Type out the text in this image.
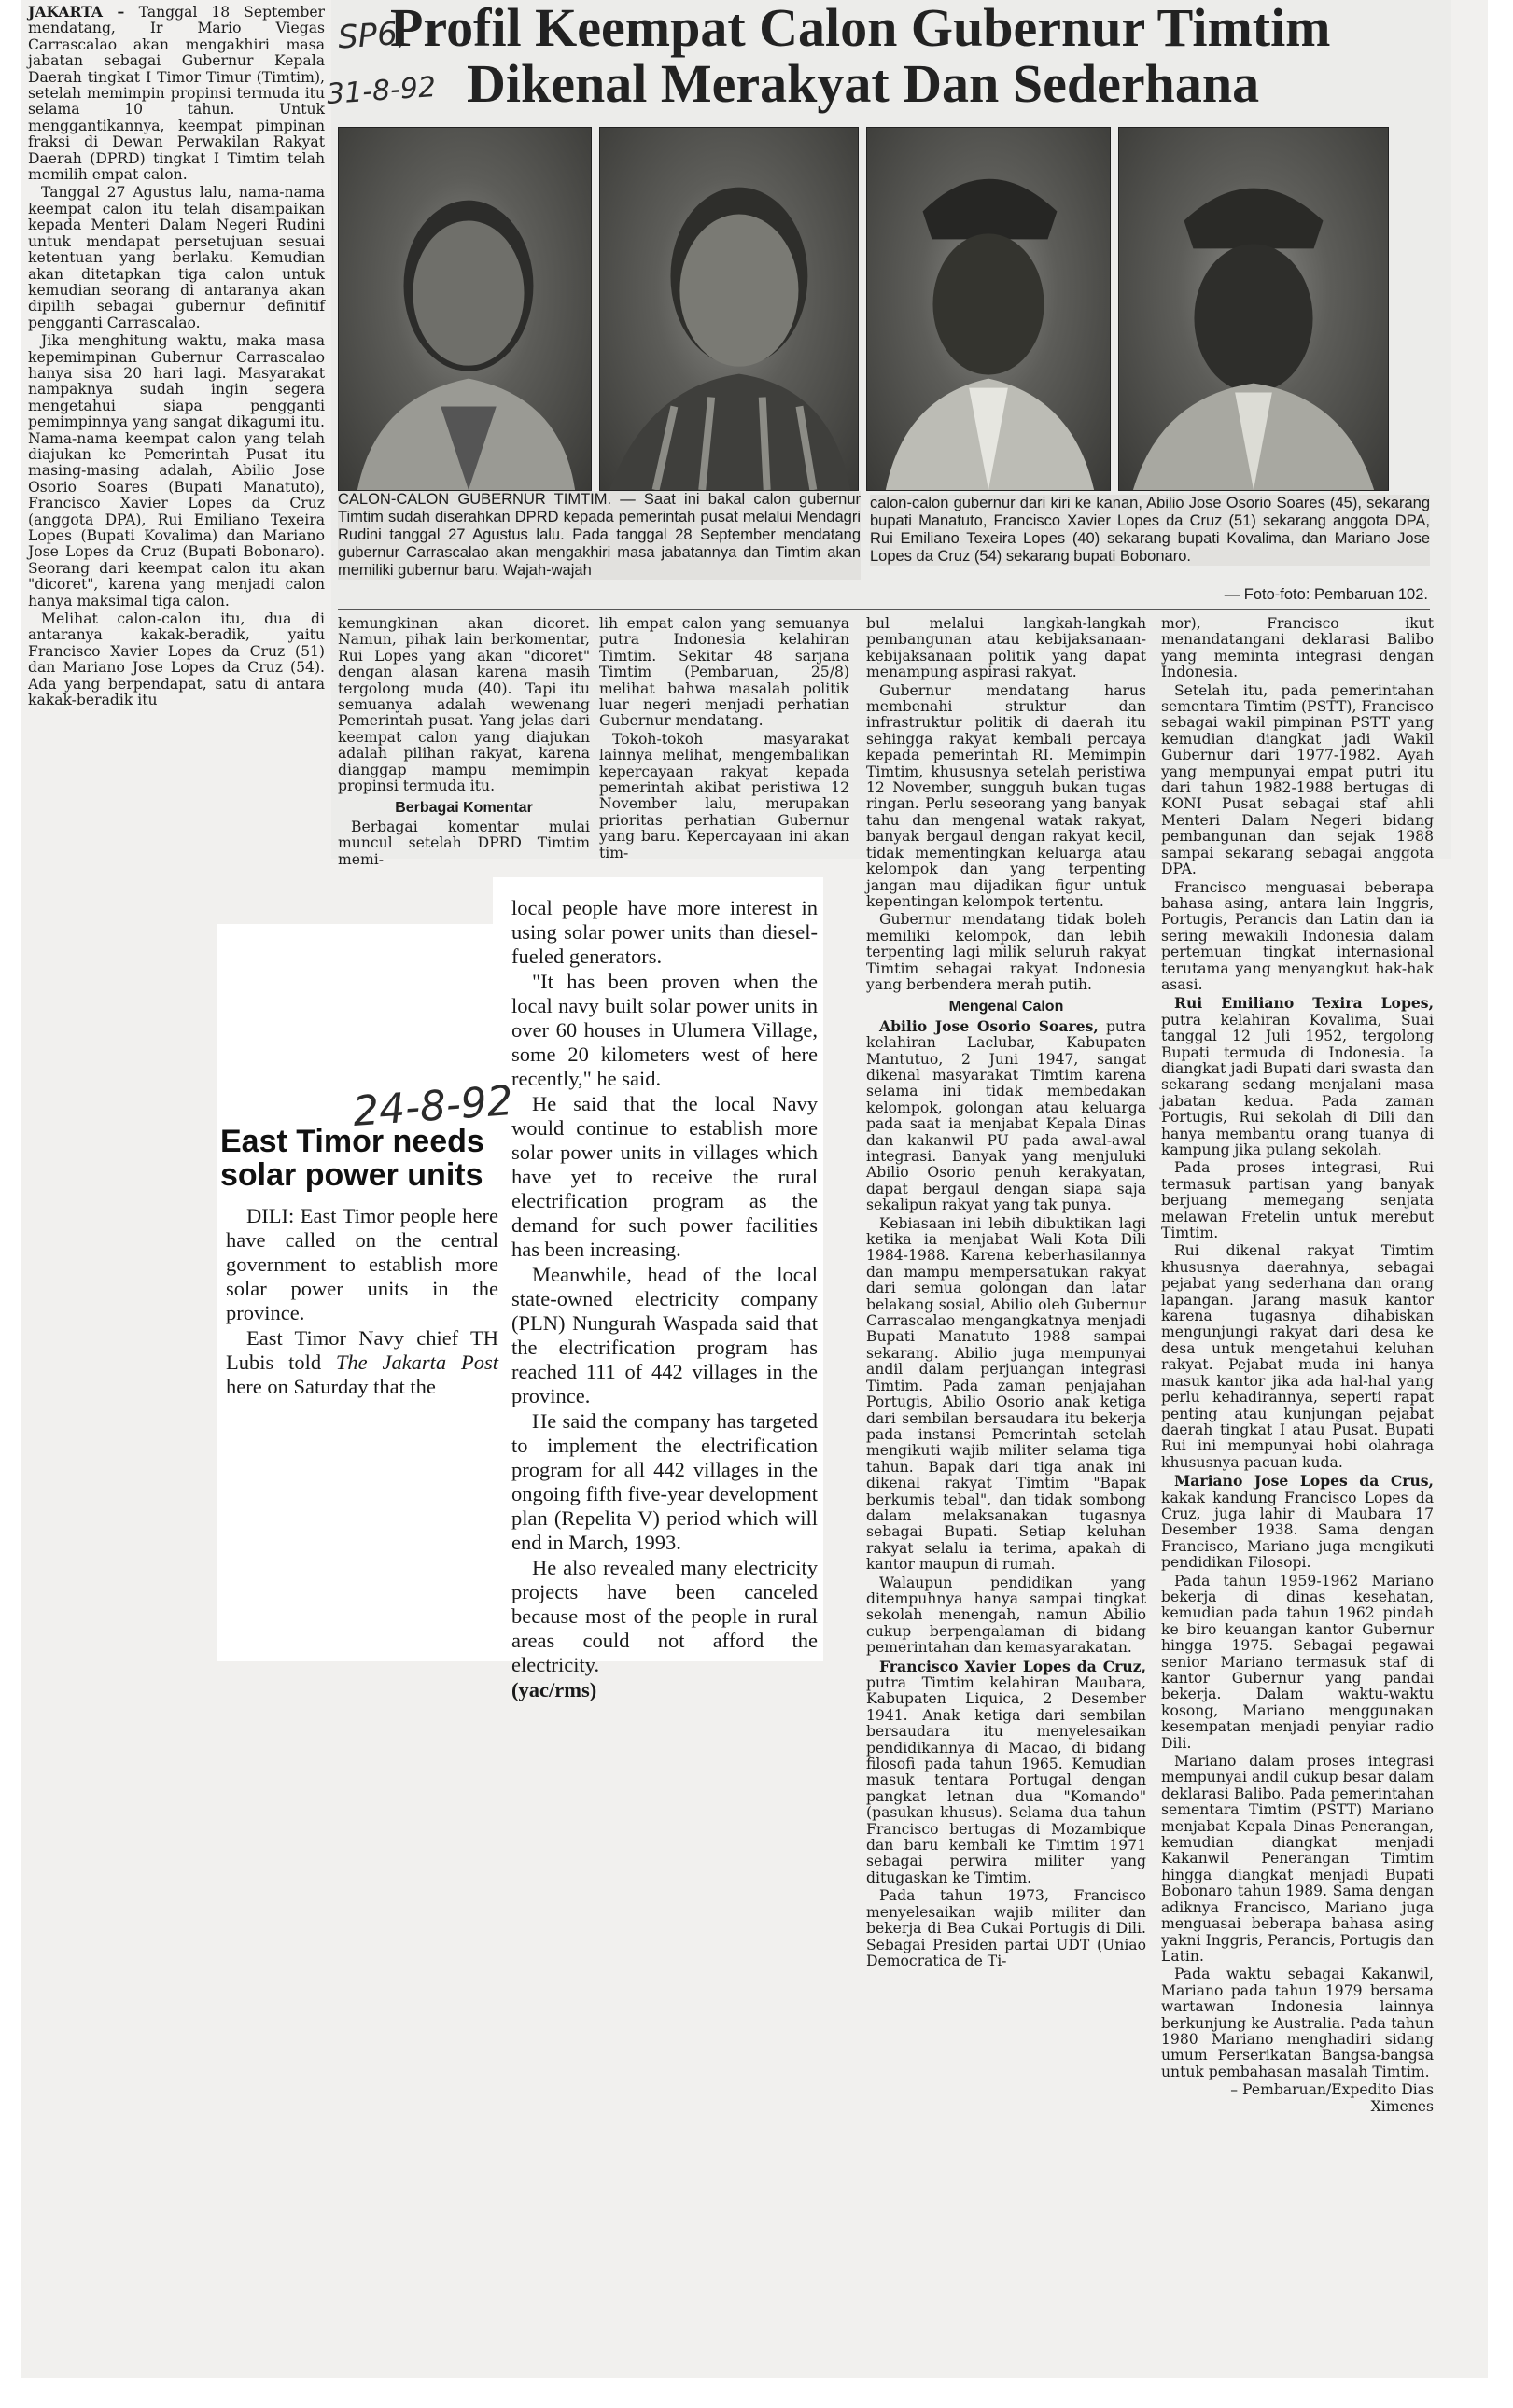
SP6,
31-8-92
Profil Keempat Calon Gubernur Timtim
Dikenal Merakyat Dan Sederhana

JAKARTA – Tanggal 18 September mendatang, Ir Mario Viegas Carrascalao akan mengakhiri masa jabatan sebagai Gubernur Kepala Daerah tingkat I Timor Timur (Timtim), setelah memimpin propinsi termuda itu selama 10 tahun. Untuk menggantikannya, keempat pimpinan fraksi di Dewan Perwakilan Rakyat Daerah (DPRD) tingkat I Timtim telah memilih empat calon.

Tanggal 27 Agustus lalu, nama-nama keempat calon itu telah disampaikan kepada Menteri Dalam Negeri Rudini untuk mendapat persetujuan sesuai ketentuan yang berlaku. Kemudian akan ditetapkan tiga calon untuk kemudian seorang di antaranya akan dipilih sebagai gubernur definitif pengganti Carrascalao.

Jika menghitung waktu, maka masa kepemimpinan Gubernur Carrascalao hanya sisa 20 hari lagi. Masyarakat nampaknya sudah ingin segera mengetahui siapa pengganti pemimpinnya yang sangat dikagumi itu. Nama-nama keempat calon yang telah diajukan ke Pemerintah Pusat itu masing-masing adalah, Abilio Jose Osorio Soares (Bupati Manatuto), Francisco Xavier Lopes da Cruz (anggota DPA), Rui Emiliano Texeira Lopes (Bupati Kovalima) dan Mariano Jose Lopes da Cruz (Bupati Bobonaro). Seorang dari keempat calon itu akan "dicoret", karena yang menjadi calon hanya maksimal tiga calon.

Melihat calon-calon itu, dua di antaranya kakak-beradik, yaitu Francisco Xavier Lopes da Cruz (51) dan Mariano Jose Lopes da Cruz (54). Ada yang berpendapat, satu di antara kakak-beradik itu

CALON-CALON GUBERNUR TIMTIM. — Saat ini bakal calon gubernur Timtim sudah diserahkan DPRD kepada pemerintah pusat melalui Mendagri Rudini tanggal 27 Agustus lalu. Pada tanggal 28 September mendatang gubernur Carrascalao akan mengakhiri masa jabatannya dan Timtim akan memiliki gubernur baru. Wajah-wajah
calon-calon gubernur dari kiri ke kanan, Abilio Jose Osorio Soares (45), sekarang bupati Manatuto, Francisco Xavier Lopes da Cruz (51) sekarang anggota DPA, Rui Emiliano Texeira Lopes (40) sekarang bupati Kovalima, dan Mariano Jose Lopes da Cruz (54) sekarang bupati Bobonaro.
— Foto-foto: Pembaruan 102.

kemungkinan akan dicoret. Namun, pihak lain berkomentar, Rui Lopes yang akan "dicoret" dengan alasan karena masih tergolong muda (40). Tapi itu semuanya adalah wewenang Pemerintah pusat. Yang jelas dari keempat calon yang diajukan adalah pilihan rakyat, karena dianggap mampu memimpin propinsi termuda itu.

Berbagai Komentar

Berbagai komentar mulai muncul setelah DPRD Timtim memi-

lih empat calon yang semuanya putra Indonesia kelahiran Timtim. Sekitar 48 sarjana Timtim (Pembaruan, 25/8) melihat bahwa masalah politik luar negeri menjadi perhatian Gubernur mendatang.

Tokoh-tokoh masyarakat lainnya melihat, mengembalikan kepercayaan rakyat kepada pemerintah akibat peristiwa 12 November lalu, merupakan prioritas perhatian Gubernur yang baru. Kepercayaan ini akan tim-

bul melalui langkah-langkah pembangunan atau kebijaksanaan-kebijaksanaan politik yang dapat menampung aspirasi rakyat.

Gubernur mendatang harus membenahi struktur dan infrastruktur politik di daerah itu sehingga rakyat kembali percaya kepada pemerintah RI. Memimpin Timtim, khususnya setelah peristiwa 12 November, sungguh bukan tugas ringan. Perlu seseorang yang banyak tahu dan mengenal watak rakyat, banyak bergaul dengan rakyat kecil, tidak mementingkan keluarga atau kelompok dan yang terpenting jangan mau dijadikan figur untuk kepentingan kelompok tertentu.

Gubernur mendatang tidak boleh memiliki kelompok, dan lebih terpenting lagi milik seluruh rakyat Timtim sebagai rakyat Indonesia yang berbendera merah putih.

Mengenal Calon

Abilio Jose Osorio Soares, putra kelahiran Laclubar, Kabupaten Mantutuo, 2 Juni 1947, sangat dikenal masyarakat Timtim karena selama ini tidak membedakan kelompok, golongan atau keluarga pada saat ia menjabat Kepala Dinas dan kakanwil PU pada awal-awal integrasi. Banyak yang menjuluki Abilio Osorio penuh kerakyatan, dapat bergaul dengan siapa saja sekalipun rakyat yang tak punya.

Kebiasaan ini lebih dibuktikan lagi ketika ia menjabat Wali Kota Dili 1984-1988. Karena keberhasilannya dan mampu mempersatukan rakyat dari semua golongan dan latar belakang sosial, Abilio oleh Gubernur Carrascalao mengangkatnya menjadi Bupati Manatuto 1988 sampai sekarang. Abilio juga mempunyai andil dalam perjuangan integrasi Timtim. Pada zaman penjajahan Portugis, Abilio Osorio anak ketiga dari sembilan bersaudara itu bekerja pada instansi Pemerintah setelah mengikuti wajib militer selama tiga tahun. Bapak dari tiga anak ini dikenal rakyat Timtim "Bapak berkumis tebal", dan tidak sombong dalam melaksanakan tugasnya sebagai Bupati. Setiap keluhan rakyat selalu ia terima, apakah di kantor maupun di rumah.

Walaupun pendidikan yang ditempuhnya hanya sampai tingkat sekolah menengah, namun Abilio cukup berpengalaman di bidang pemerintahan dan kemasyarakatan.

Francisco Xavier Lopes da Cruz, putra Timtim kelahiran Maubara, Kabupaten Liquica, 2 Desember 1941. Anak ketiga dari sembilan bersaudara itu menyelesaikan pendidikannya di Macao, di bidang filosofi pada tahun 1965. Kemudian masuk tentara Portugal dengan pangkat letnan dua "Komando" (pasukan khusus). Selama dua tahun Francisco bertugas di Mozambique dan baru kembali ke Timtim 1971 sebagai perwira militer yang ditugaskan ke Timtim.

Pada tahun 1973, Francisco menyelesaikan wajib militer dan bekerja di Bea Cukai Portugis di Dili. Sebagai Presiden partai UDT (Uniao Democratica de Ti-

mor), Francisco ikut menandatangani deklarasi Balibo yang meminta integrasi dengan Indonesia.

Setelah itu, pada pemerintahan sementara Timtim (PSTT), Francisco sebagai wakil pimpinan PSTT yang kemudian diangkat jadi Wakil Gubernur dari 1977-1982. Ayah yang mempunyai empat putri itu dari tahun 1982-1988 bertugas di KONI Pusat sebagai staf ahli Menteri Dalam Negeri bidang pembangunan dan sejak 1988 sampai sekarang sebagai anggota DPA.

Francisco menguasai beberapa bahasa asing, antara lain Inggris, Portugis, Perancis dan Latin dan ia sering mewakili Indonesia dalam pertemuan tingkat internasional terutama yang menyangkut hak-hak asasi.

Rui Emiliano Texira Lopes, putra kelahiran Kovalima, Suai tanggal 12 Juli 1952, tergolong Bupati termuda di Indonesia. Ia diangkat jadi Bupati dari swasta dan sekarang sedang menjalani masa jabatan kedua. Pada zaman Portugis, Rui sekolah di Dili dan hanya membantu orang tuanya di kampung jika pulang sekolah.

Pada proses integrasi, Rui termasuk partisan yang banyak berjuang memegang senjata melawan Fretelin untuk merebut Timtim.

Rui dikenal rakyat Timtim khususnya daerahnya, sebagai pejabat yang sederhana dan orang lapangan. Jarang masuk kantor karena tugasnya dihabiskan mengunjungi rakyat dari desa ke desa untuk mengetahui keluhan rakyat. Pejabat muda ini hanya masuk kantor jika ada hal-hal yang perlu kehadirannya, seperti rapat penting atau kunjungan pejabat daerah tingkat I atau Pusat. Bupati Rui ini mempunyai hobi olahraga khususnya pacuan kuda.

Mariano Jose Lopes da Crus, kakak kandung Francisco Lopes da Cruz, juga lahir di Maubara 17 Desember 1938. Sama dengan Francisco, Mariano juga mengikuti pendidikan Filosopi.

Pada tahun 1959-1962 Mariano bekerja di dinas kesehatan, kemudian pada tahun 1962 pindah ke biro keuangan kantor Gubernur hingga 1975. Sebagai pegawai senior Mariano termasuk staf di kantor Gubernur yang pandai bekerja. Dalam waktu-waktu kosong, Mariano menggunakan kesempatan menjadi penyiar radio Dili.

Mariano dalam proses integrasi mempunyai andil cukup besar dalam deklarasi Balibo. Pada pemerintahan sementara Timtim (PSTT) Mariano menjabat Kepala Dinas Penerangan, kemudian diangkat menjadi Kakanwil Penerangan Timtim hingga diangkat menjadi Bupati Bobonaro tahun 1989. Sama dengan adiknya Francisco, Mariano juga menguasai beberapa bahasa asing yakni Inggris, Perancis, Portugis dan Latin.

Pada waktu sebagai Kakanwil, Mariano pada tahun 1979 bersama wartawan Indonesia lainnya berkunjung ke Australia. Pada tahun 1980 Mariano menghadiri sidang umum Perserikatan Bangsa-bangsa untuk pembahasan masalah Timtim.

– Pembaruan/Expedito Dias Ximenes

24-8-92
East Timor needs
solar power units

DILI: East Timor people here have called on the central government to establish more solar power units in the province.

East Timor Navy chief TH Lubis told The Jakarta Post here on Saturday that the

local people have more interest in using solar power units than diesel-fueled generators.

"It has been proven when the local navy built solar power units in over 60 houses in Ulumera Village, some 20 kilometers west of here recently," he said.

He said that the local Navy would continue to establish more solar power units in villages which have yet to receive the rural electrification program as the demand for such power facilities has been increasing.

Meanwhile, head of the local state-owned electricity company (PLN) Nungurah Waspada said that the electrification program has reached 111 of 442 villages in the province.

He said the company has targeted to implement the electrification program for all 442 villages in the ongoing fifth five-year development plan (Repelita V) period which will end in March, 1993.

He also revealed many electricity projects have been canceled because most of the people in rural areas could not afford the electricity.

(yac/rms)
